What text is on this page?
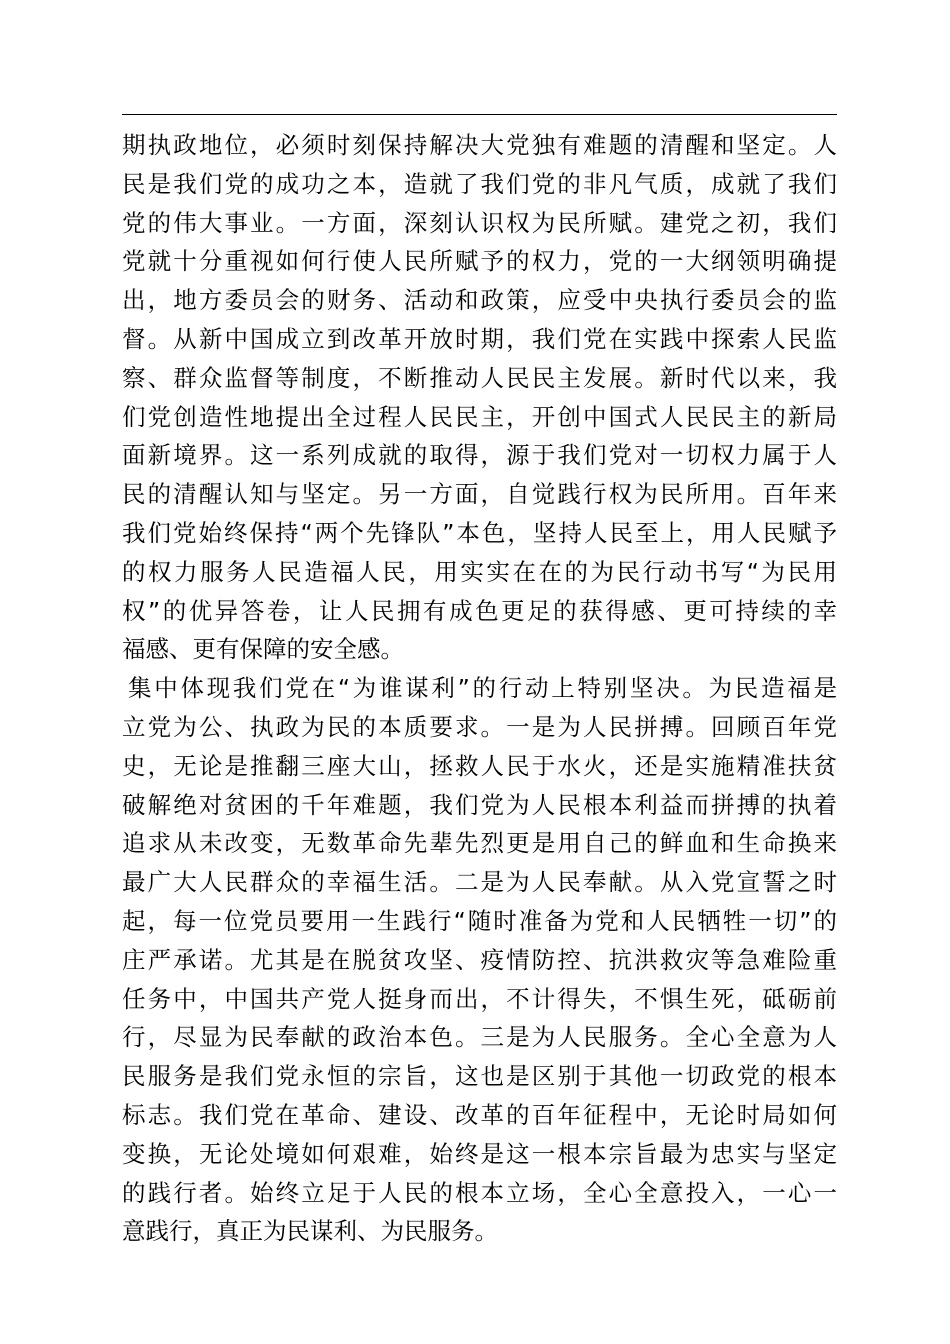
期执政地位，必须时刻保持解决大党独有难题的清醒和坚定。人
民是我们党的成功之本，造就了我们党的非凡气质，成就了我们
党的伟大事业。一方面，深刻认识权为民所赋。建党之初，我们
党就十分重视如何行使人民所赋予的权力，党的一大纲领明确提
出，地方委员会的财务、活动和政策，应受中央执行委员会的监
督。从新中国成立到改革开放时期，我们党在实践中探索人民监
察、群众监督等制度，不断推动人民民主发展。新时代以来，我
们党创造性地提出全过程人民民主，开创中国式人民民主的新局
面新境界。这一系列成就的取得，源于我们党对一切权力属于人
民的清醒认知与坚定。另一方面，自觉践行权为民所用。百年来
我们党始终保持“两个先锋队”本色，坚持人民至上，用人民赋予
的权力服务人民造福人民，用实实在在的为民行动书写“为民用
权”的优异答卷，让人民拥有成色更足的获得感、更可持续的幸
福感、更有保障的安全感。
集中体现我们党在“为谁谋利”的行动上特别坚决。为民造福是
立党为公、执政为民的本质要求。一是为人民拼搏。回顾百年党
史，无论是推翻三座大山，拯救人民于水火，还是实施精准扶贫
破解绝对贫困的千年难题，我们党为人民根本利益而拼搏的执着
追求从未改变，无数革命先辈先烈更是用自己的鲜血和生命换来
最广大人民群众的幸福生活。二是为人民奉献。从入党宣誓之时
起，每一位党员要用一生践行“随时准备为党和人民牺牲一切”的
庄严承诺。尤其是在脱贫攻坚、疫情防控、抗洪救灾等急难险重
任务中，中国共产党人挺身而出，不计得失，不惧生死，砥砺前
行，尽显为民奉献的政治本色。三是为人民服务。全心全意为人
民服务是我们党永恒的宗旨，这也是区别于其他一切政党的根本
标志。我们党在革命、建设、改革的百年征程中，无论时局如何
变换，无论处境如何艰难，始终是这一根本宗旨最为忠实与坚定
的践行者。始终立足于人民的根本立场，全心全意投入，一心一
意践行，真正为民谋利、为民服务。
